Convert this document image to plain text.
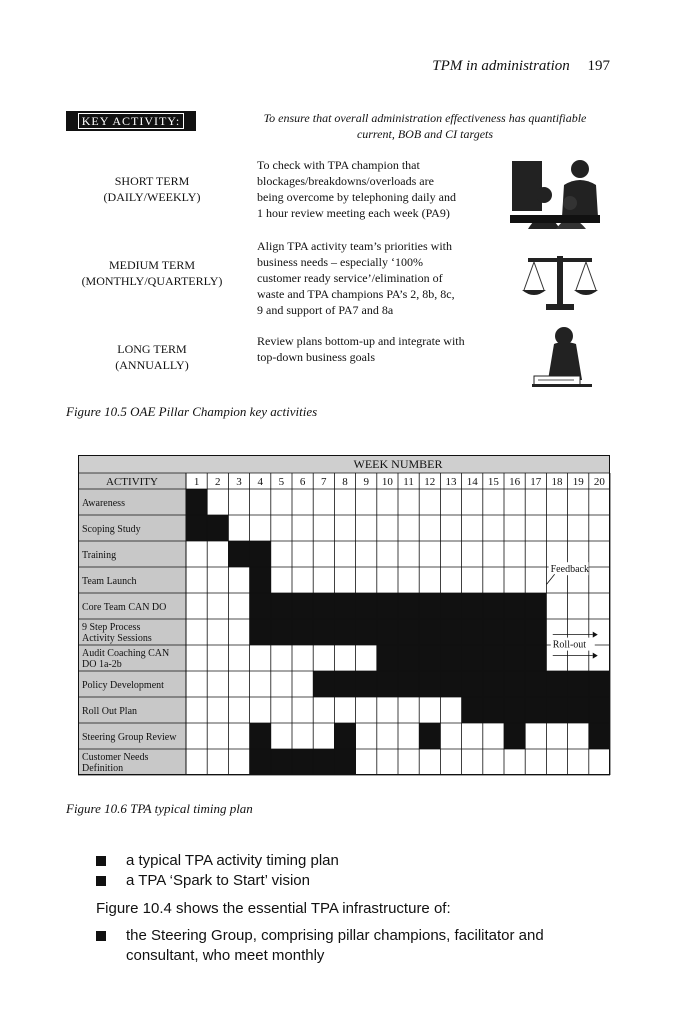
TPM in administration 197
KEY ACTIVITY:	To ensure that overall administration effectiveness has quantifiable
current, BOB and CI targets
SHORT TERM
(DAILY/WEEKLY)
To check with TPA champion that
blockages/breakdowns/overloads are
being overcome by telephoning daily and
1 hour review meeting each week (PA9)
MEDIUM TERM
(MONTHLY/QUARTERLY)
Align TPA activity team’s priorities with
business needs – especially ‘100%
customer ready service’/elimination of
waste and TPA champions PA’s 2, 8b, 8c,
9 and support of PA7 and 8a
LONG TERM
(ANNUALLY)
Review plans bottom-up and integrate with
top-down business goals
Figure 10.5 OAE Pillar Champion key activities
WEEK NUMBER
ACTIVITY	1 2 3 4 5 6 7 8 9 10 11 12 13 14 15 16 17 18 19 20
Awareness
Scoping Study
Training
Team Launch
Core Team CAN DO
9 Step Process
Activity Sessions
Audit Coaching CAN
DO 1a-2b
Policy Development
Roll Out Plan
Steering Group Review
Customer Needs
Definition
Feedback
Roll-out
Figure 10.6 TPA typical timing plan
a typical TPA activity timing plan
a TPA ‘Spark to Start’ vision
Figure 10.4 shows the essential TPA infrastructure of:
the Steering Group, comprising pillar champions, facilitator and
consultant, who meet monthly
